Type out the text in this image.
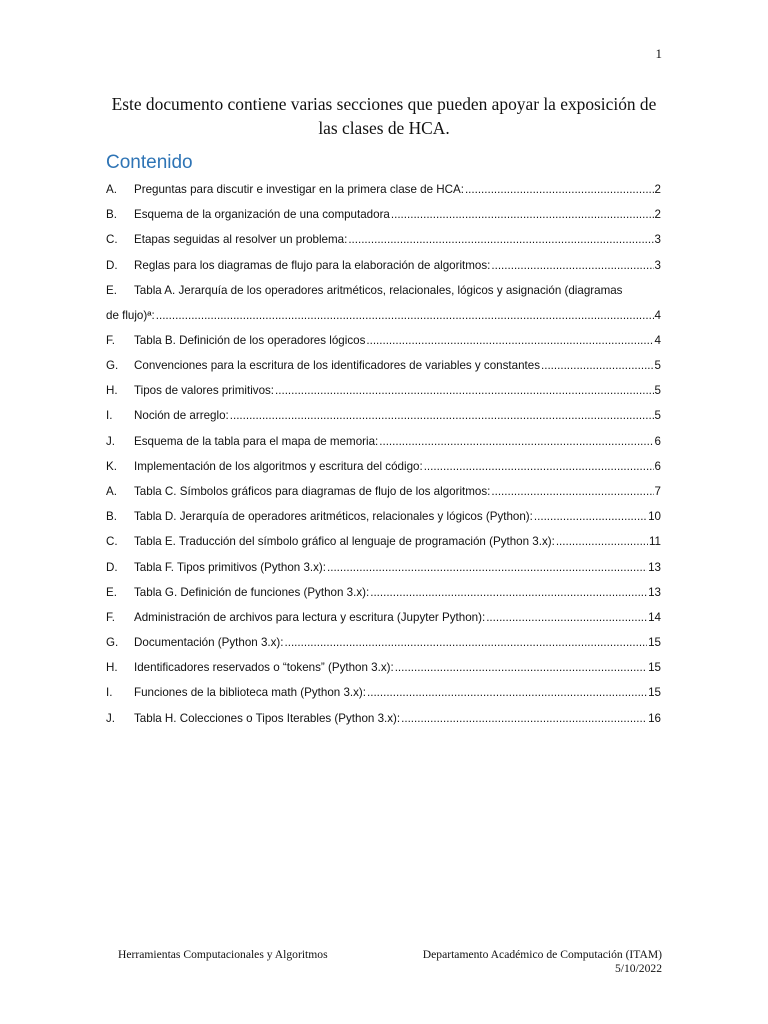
1
Este documento contiene varias secciones que pueden apoyar la exposición de las clases de HCA.
Contenido
A.	Preguntas para discutir e investigar en la primera clase de HCA: .....	2
B.	Esquema de la organización de una computadora .....	2
C.	Etapas seguidas al resolver un problema: .....	3
D.	Reglas para los diagramas de flujo para la elaboración de algoritmos: .....	3
E.	Tabla A. Jerarquía de los operadores aritméticos, relacionales, lógicos y asignación (diagramas
de flujo)ª: .....	4
F.	Tabla B. Definición de los operadores lógicos .....	4
G.	Convenciones para la escritura de los identificadores de variables y constantes .....	5
H.	Tipos de valores primitivos: .....	5
I.	Noción de arreglo: .....	5
J.	Esquema de la tabla para el mapa de memoria: .....	6
K.	Implementación de los algoritmos y escritura del código: .....	6
A.	Tabla C. Símbolos gráficos para diagramas de flujo de los algoritmos: .....	7
B.	Tabla D. Jerarquía de operadores aritméticos, relacionales y lógicos (Python): .....	10
C.	Tabla E. Traducción del símbolo gráfico al lenguaje de programación (Python 3.x): .....	11
D.	Tabla F. Tipos primitivos (Python 3.x): .....	13
E.	Tabla G. Definición de funciones (Python 3.x): .....	13
F.	Administración de archivos para lectura y escritura (Jupyter Python): .....	14
G.	Documentación (Python 3.x): .....	15
H.	Identificadores reservados o “tokens” (Python 3.x): .....	15
I.	Funciones de la biblioteca math (Python 3.x): .....	15
J.	Tabla H. Colecciones o Tipos Iterables (Python 3.x): .....	16
Herramientas Computacionales y Algoritmos	Departamento Académico de Computación (ITAM)
5/10/2022
